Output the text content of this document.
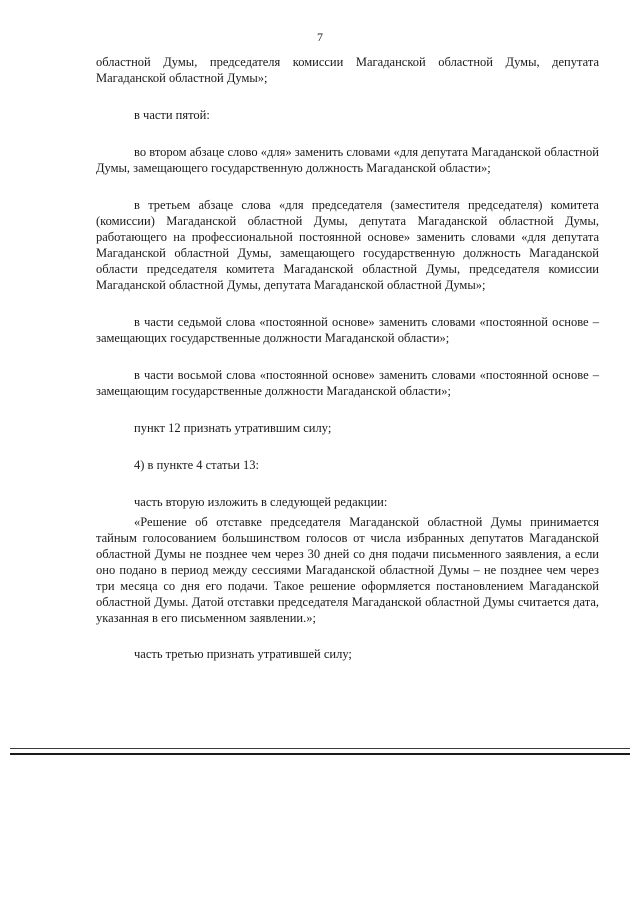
7

областной Думы, председателя комиссии Магаданской областной Думы, депутата Магаданской областной Думы»;

в части пятой:

во втором абзаце слово «для» заменить словами «для депутата Магаданской областной Думы, замещающего государственную должность Магаданской области»;

в третьем абзаце слова «для председателя (заместителя председателя) комитета (комиссии) Магаданской областной Думы, депутата Магаданской областной Думы, работающего на профессиональной постоянной основе» заменить словами «для депутата Магаданской областной Думы, замещающего государственную должность Магаданской области председателя комитета Магаданской областной Думы, председателя комиссии Магаданской областной Думы, депутата Магаданской областной Думы»;

в части седьмой слова «постоянной основе» заменить словами «постоянной основе – замещающих государственные должности Магаданской области»;

в части восьмой слова «постоянной основе» заменить словами «постоянной основе – замещающим государственные должности Магаданской области»;

пункт 12 признать утратившим силу;

4) в пункте 4 статьи 13:

часть вторую изложить в следующей редакции:

«Решение об отставке председателя Магаданской областной Думы принимается тайным голосованием большинством голосов от числа избранных депутатов Магаданской областной Думы не позднее чем через 30 дней со дня подачи письменного заявления, а если оно подано в период между сессиями Магаданской областной Думы – не позднее чем через три месяца со дня его подачи. Такое решение оформляется постановлением Магаданской областной Думы. Датой отставки председателя Магаданской областной Думы считается дата, указанная в его письменном заявлении.»;

часть третью признать утратившей силу;
